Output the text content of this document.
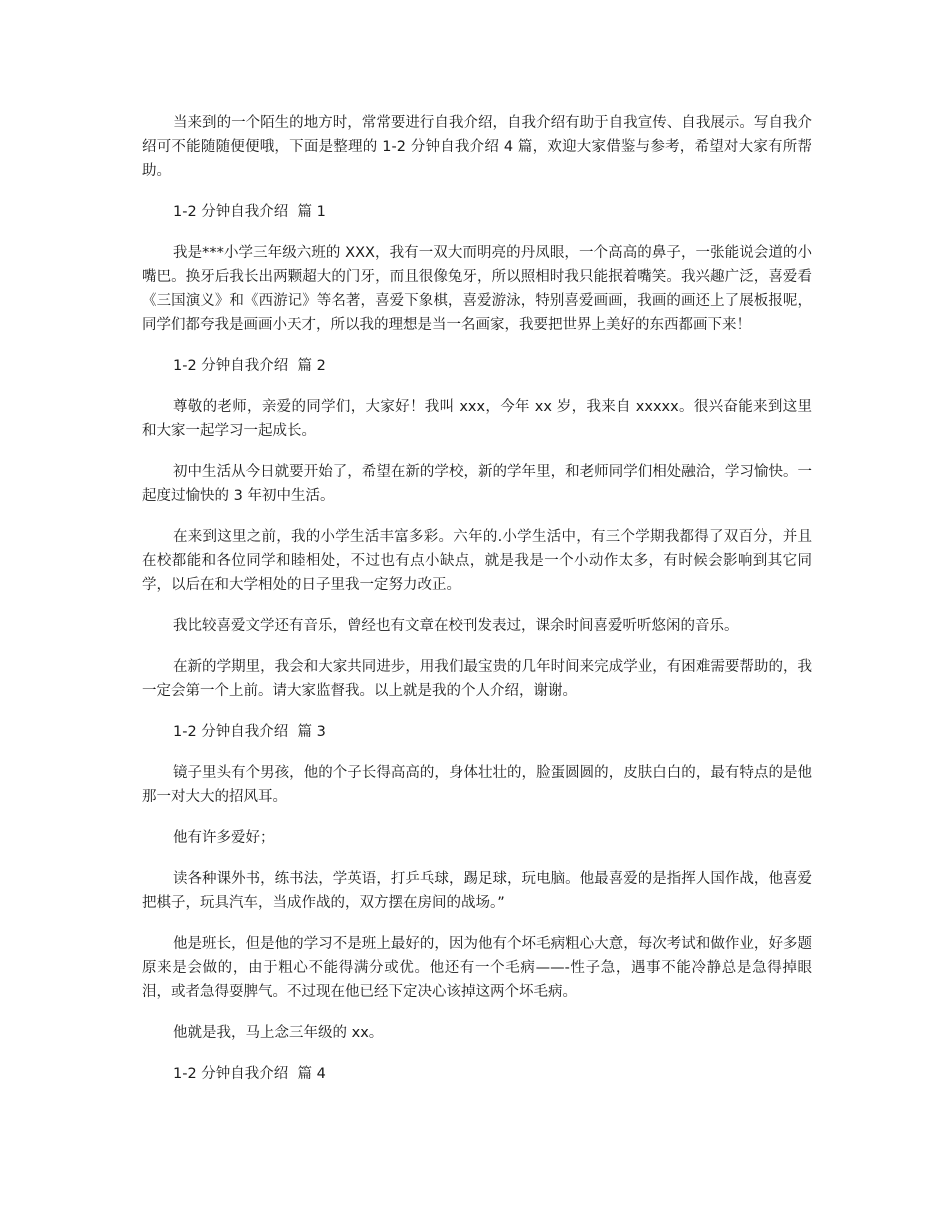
当来到的一个陌生的地方时，常常要进行自我介绍，自我介绍有助于自我宣传、自我展示。写自我介绍可不能随随便便哦，下面是整理的 1-2 分钟自我介绍 4 篇，欢迎大家借鉴与参考，希望对大家有所帮助。

1-2 分钟自我介绍  篇 1

我是***小学三年级六班的 XXX，我有一双大而明亮的丹凤眼，一个高高的鼻子，一张能说会道的小嘴巴。换牙后我长出两颗超大的门牙，而且很像兔牙，所以照相时我只能抿着嘴笑。我兴趣广泛，喜爱看《三国演义》和《西游记》等名著，喜爱下象棋，喜爱游泳，特别喜爱画画，我画的画还上了展板报呢，同学们都夸我是画画小天才，所以我的理想是当一名画家，我要把世界上美好的东西都画下来！

1-2 分钟自我介绍  篇 2

尊敬的老师，亲爱的同学们，大家好！我叫 xxx，今年 xx 岁，我来自 xxxxx。很兴奋能来到这里和大家一起学习一起成长。

初中生活从今日就要开始了，希望在新的学校，新的学年里，和老师同学们相处融洽，学习愉快。一起度过愉快的 3 年初中生活。

在来到这里之前，我的小学生活丰富多彩。六年的.小学生活中，有三个学期我都得了双百分，并且在校都能和各位同学和睦相处，不过也有点小缺点，就是我是一个小动作太多，有时候会影响到其它同学，以后在和大学相处的日子里我一定努力改正。

我比较喜爱文学还有音乐，曾经也有文章在校刊发表过，课余时间喜爱听听悠闲的音乐。

在新的学期里，我会和大家共同进步，用我们最宝贵的几年时间来完成学业，有困难需要帮助的，我一定会第一个上前。请大家监督我。以上就是我的个人介绍，谢谢。

1-2 分钟自我介绍  篇 3

镜子里头有个男孩，他的个子长得高高的，身体壮壮的，脸蛋圆圆的，皮肤白白的，最有特点的是他那一对大大的招风耳。

他有许多爱好；

读各种课外书，练书法，学英语，打乒乓球，踢足球，玩电脑。他最喜爱的是指挥人国作战，他喜爱把棋子，玩具汽车，当成作战的，双方摆在房间的战场。”

他是班长，但是他的学习不是班上最好的，因为他有个坏毛病粗心大意，每次考试和做作业，好多题原来是会做的，由于粗心不能得满分或优。他还有一个毛病——-性子急，遇事不能冷静总是急得掉眼泪，或者急得耍脾气。不过现在他已经下定决心该掉这两个坏毛病。

他就是我，马上念三年级的 xx。

1-2 分钟自我介绍  篇 4
